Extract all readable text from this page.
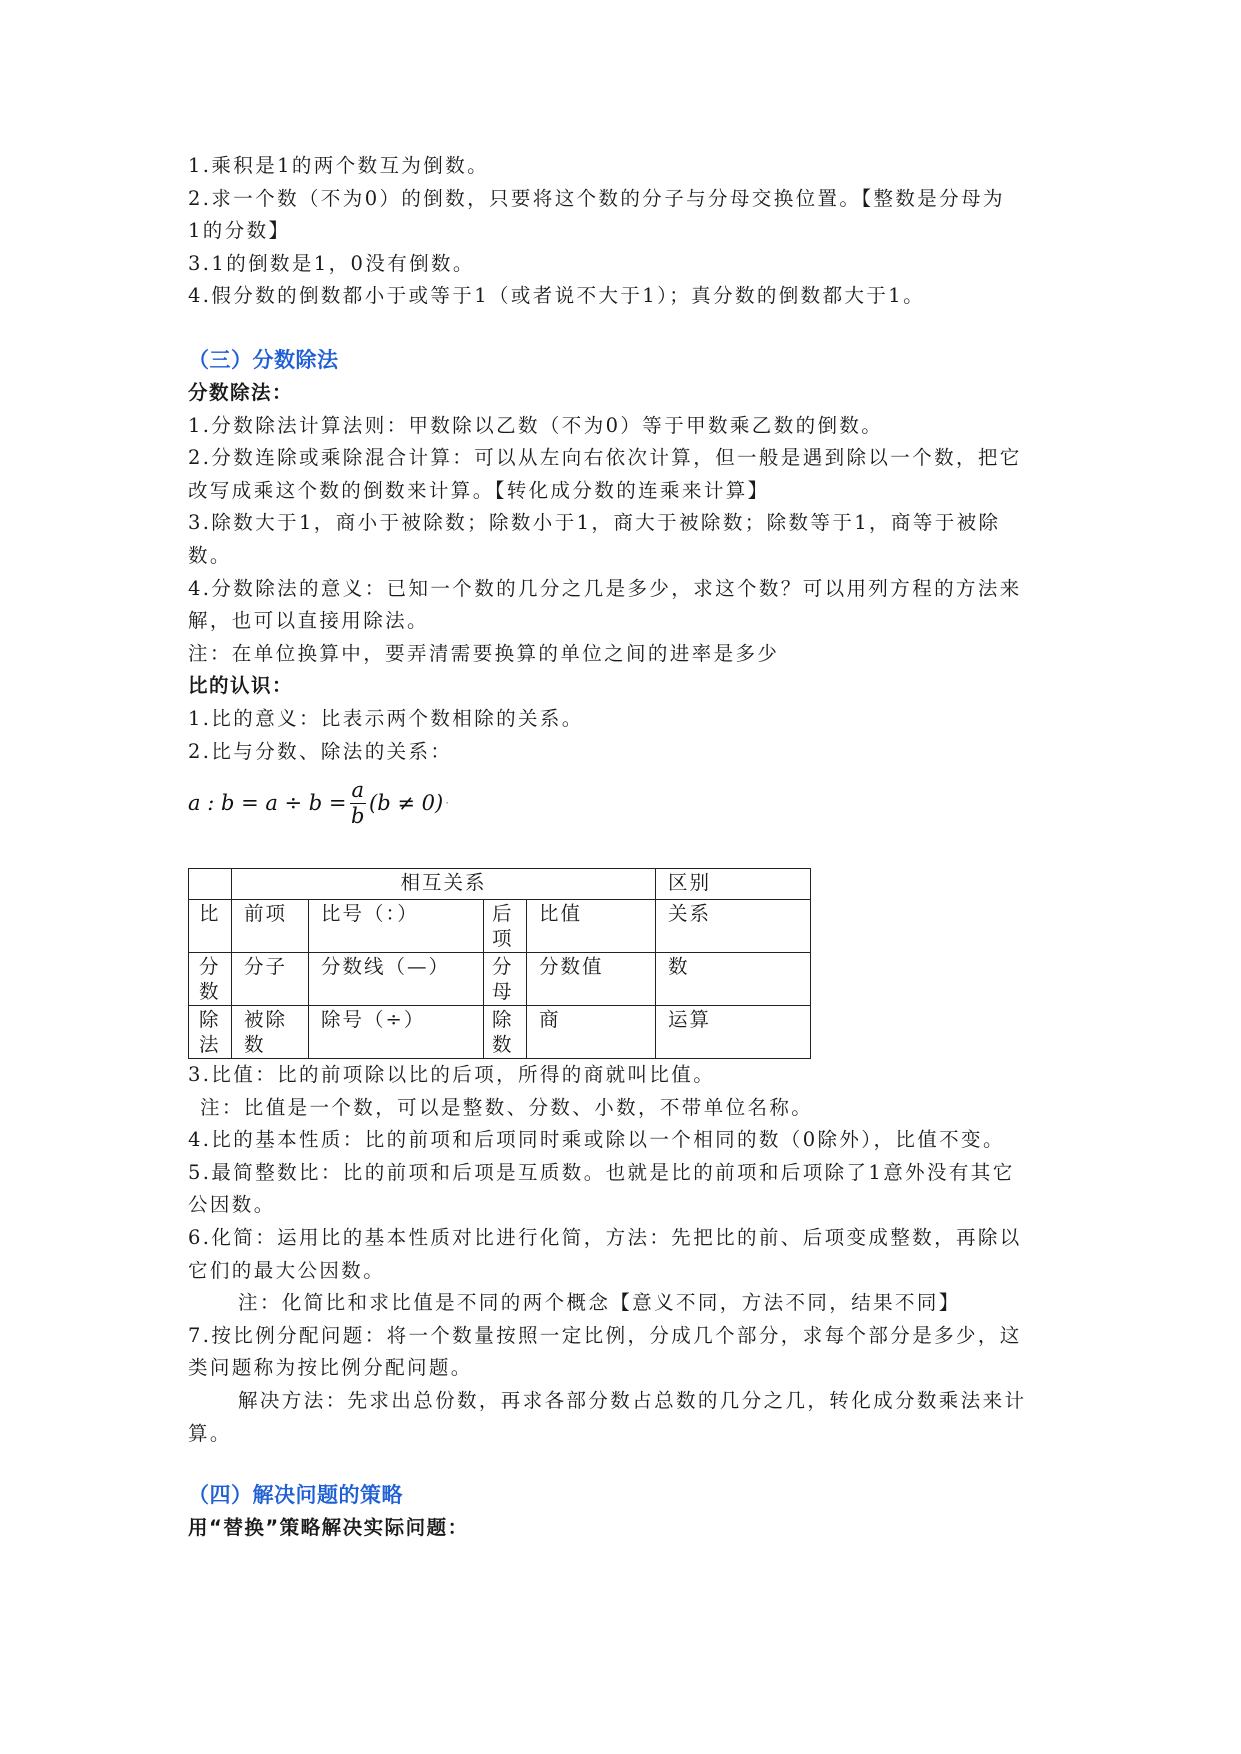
1.乘积是1的两个数互为倒数。
2.求一个数（不为0）的倒数，只要将这个数的分子与分母交换位置。【整数是分母为
1的分数】
3.1的倒数是1，0没有倒数。
4.假分数的倒数都小于或等于1（或者说不大于1）；真分数的倒数都大于1。
（三）分数除法
分数除法：
1.分数除法计算法则：甲数除以乙数（不为0）等于甲数乘乙数的倒数。
2.分数连除或乘除混合计算：可以从左向右依次计算，但一般是遇到除以一个数，把它
改写成乘这个数的倒数来计算。【转化成分数的连乘来计算】
3.除数大于1，商小于被除数；除数小于1，商大于被除数；除数等于1，商等于被除
数。
4.分数除法的意义：已知一个数的几分之几是多少，求这个数？可以用列方程的方法来
解，也可以直接用除法。
注：在单位换算中，要弄清需要换算的单位之间的进率是多少
比的认识：
1.比的意义：比表示两个数相除的关系。
2.比与分数、除法的关系：
a : $b = a \div b = \frac{a}{b} (b \ne 0)$ ·
	相互关系				区别
比	前项	比号（：）	后项	比值	关系
分数	分子	分数线（—）	分母	分数值	数
除法	被除数	除号（÷）	除数	商	运算
3.比值：比的前项除以比的后项，所得的商就叫比值。
注：比值是一个数，可以是整数、分数、小数，不带单位名称。
4.比的基本性质：比的前项和后项同时乘或除以一个相同的数（0除外），比值不变。
5.最简整数比：比的前项和后项是互质数。也就是比的前项和后项除了1意外没有其它
公因数。
6.化简：运用比的基本性质对比进行化简，方法：先把比的前、后项变成整数，再除以
它们的最大公因数。
注：化简比和求比值是不同的两个概念【意义不同，方法不同，结果不同】
7.按比例分配问题：将一个数量按照一定比例，分成几个部分，求每个部分是多少，这
类问题称为按比例分配问题。
解决方法：先求出总份数，再求各部分数占总数的几分之几，转化成分数乘法来计
算。
（四）解决问题的策略
用“替换”策略解决实际问题：
